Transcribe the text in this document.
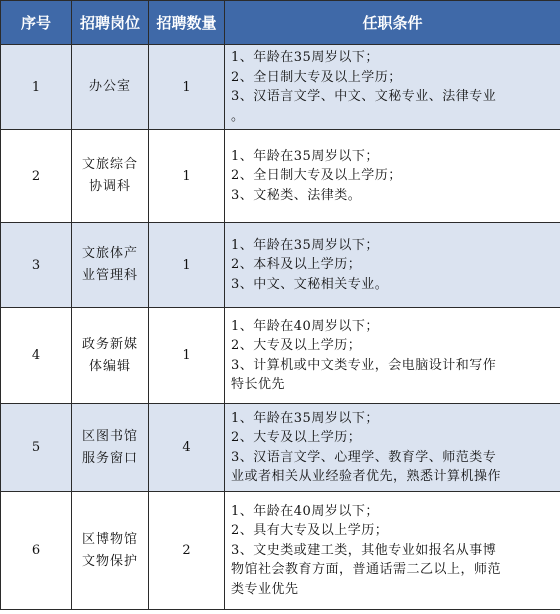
序号	招聘岗位	招聘数量	任职条件
1	办公室	1	1、年龄在35周岁以下；
2、全日制大专及以上学历；
3、汉语言文学、中文、文秘专业、法律专业
。

2	文旅综合协调科	1	1、年龄在35周岁以下；
2、全日制大专及以上学历；
3、文秘类、法律类。

3	文旅体产业管理科	1	1、年龄在35周岁以下；
2、本科及以上学历；
3、中文、文秘相关专业。

4	政务新媒体编辑	1	1、年龄在40周岁以下；
2、大专及以上学历；
3、计算机或中文类专业，会电脑设计和写作
特长优先

5	区图书馆服务窗口	4	1、年龄在35周岁以下；
2、大专及以上学历；
3、汉语言文学、心理学、教育学、师范类专
业或者相关从业经验者优先，熟悉计算机操作

6	区博物馆文物保护	2	1、年龄在40周岁以下；
2、具有大专及以上学历；
3、文史类或建工类，其他专业如报名从事博
物馆社会教育方面，普通话需二乙以上，师范
类专业优先
